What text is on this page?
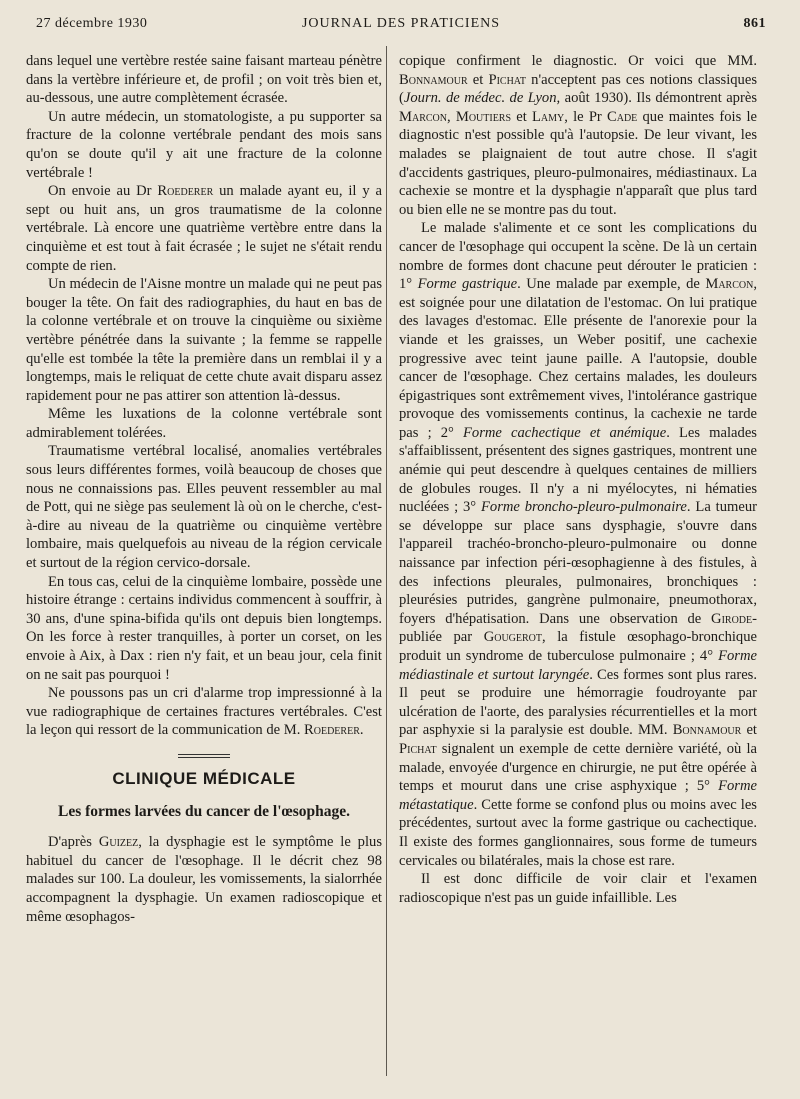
27 décembre 1930	JOURNAL DES PRATICIENS	861

dans lequel une vertèbre restée saine faisant marteau pénètre dans la vertèbre inférieure et, de profil ; on voit très bien et, au-dessous, une autre complètement écrasée.

Un autre médecin, un stomatologiste, a pu supporter sa fracture de la colonne vertébrale pendant des mois sans qu'on se doute qu'il y ait une fracture de la colonne vertébrale !

On envoie au Dr Roederer un malade ayant eu, il y a sept ou huit ans, un gros traumatisme de la colonne vertébrale. Là encore une quatrième vertèbre entre dans la cinquième et est tout à fait écrasée ; le sujet ne s'était rendu compte de rien.

Un médecin de l'Aisne montre un malade qui ne peut pas bouger la tête. On fait des radiographies, du haut en bas de la colonne vertébrale et on trouve la cinquième ou sixième vertèbre pénétrée dans la suivante ; la femme se rappelle qu'elle est tombée la tête la première dans un remblai il y a longtemps, mais le reliquat de cette chute avait disparu assez rapidement pour ne pas attirer son attention là-dessus.

Même les luxations de la colonne vertébrale sont admirablement tolérées.

Traumatisme vertébral localisé, anomalies vertébrales sous leurs différentes formes, voilà beaucoup de choses que nous ne connaissions pas. Elles peuvent ressembler au mal de Pott, qui ne siège pas seulement là où on le cherche, c'est-à-dire au niveau de la quatrième ou cinquième vertèbre lombaire, mais quelquefois au niveau de la région cervicale et surtout de la région cervico-dorsale.

En tous cas, celui de la cinquième lombaire, possède une histoire étrange : certains individus commencent à souffrir, à 30 ans, d'une spina-bifida qu'ils ont depuis bien longtemps. On les force à rester tranquilles, à porter un corset, on les envoie à Aix, à Dax : rien n'y fait, et un beau jour, cela finit on ne sait pas pourquoi !

Ne poussons pas un cri d'alarme trop impressionné à la vue radiographique de certaines fractures vertébrales. C'est la leçon qui ressort de la communication de M. Roederer.

CLINIQUE MÉDICALE
Les formes larvées du cancer de l'œsophage.

D'après Guizez, la dysphagie est le symptôme le plus habituel du cancer de l'œsophage. Il le décrit chez 98 malades sur 100. La douleur, les vomissements, la sialorrhée accompagnent la dysphagie. Un examen radioscopique et même œsophagos-

copique confirment le diagnostic. Or voici que MM. Bonnamour et Pichat n'acceptent pas ces notions classiques (Journ. de médec. de Lyon, août 1930). Ils démontrent après Marcon, Moutiers et Lamy, le Pr Cade que maintes fois le diagnostic n'est possible qu'à l'autopsie. De leur vivant, les malades se plaignaient de tout autre chose. Il s'agit d'accidents gastriques, pleuro-pulmonaires, médiastinaux. La cachexie se montre et la dysphagie n'apparaît que plus tard ou bien elle ne se montre pas du tout.

Le malade s'alimente et ce sont les complications du cancer de l'œsophage qui occupent la scène. De là un certain nombre de formes dont chacune peut dérouter le praticien : 1° Forme gastrique. Une malade par exemple, de Marcon, est soignée pour une dilatation de l'estomac. On lui pratique des lavages d'estomac. Elle présente de l'anorexie pour la viande et les graisses, un Weber positif, une cachexie progressive avec teint jaune paille. A l'autopsie, double cancer de l'œsophage. Chez certains malades, les douleurs épigastriques sont extrêmement vives, l'intolérance gastrique provoque des vomissements continus, la cachexie ne tarde pas ; 2° Forme cachectique et anémique. Les malades s'affaiblissent, présentent des signes gastriques, montrent une anémie qui peut descendre à quelques centaines de milliers de globules rouges. Il n'y a ni myélocytes, ni hématies nucléées ; 3° Forme broncho-pleuro-pulmonaire. La tumeur se développe sur place sans dysphagie, s'ouvre dans l'appareil trachéo-broncho-pleuro-pulmonaire ou donne naissance par infection péri-œsophagienne à des fistules, à des infections pleurales, pulmonaires, bronchiques : pleurésies putrides, gangrène pulmonaire, pneumothorax, foyers d'hépatisation. Dans une observation de Girode- publiée par Gougerot, la fistule œsophago-bronchique produit un syndrome de tuberculose pulmonaire ; 4° Forme médiastinale et surtout laryngée. Ces formes sont plus rares. Il peut se produire une hémorragie foudroyante par ulcération de l'aorte, des paralysies récurrentielles et la mort par asphyxie si la paralysie est double. MM. Bonnamour et Pichat signalent un exemple de cette dernière variété, où la malade, envoyée d'urgence en chirurgie, ne put être opérée à temps et mourut dans une crise asphyxique ; 5° Forme métastatique. Cette forme se confond plus ou moins avec les précédentes, surtout avec la forme gastrique ou cachectique. Il existe des formes ganglionnaires, sous forme de tumeurs cervicales ou bilatérales, mais la chose est rare.

Il est donc difficile de voir clair et l'examen radioscopique n'est pas un guide infaillible. Les
